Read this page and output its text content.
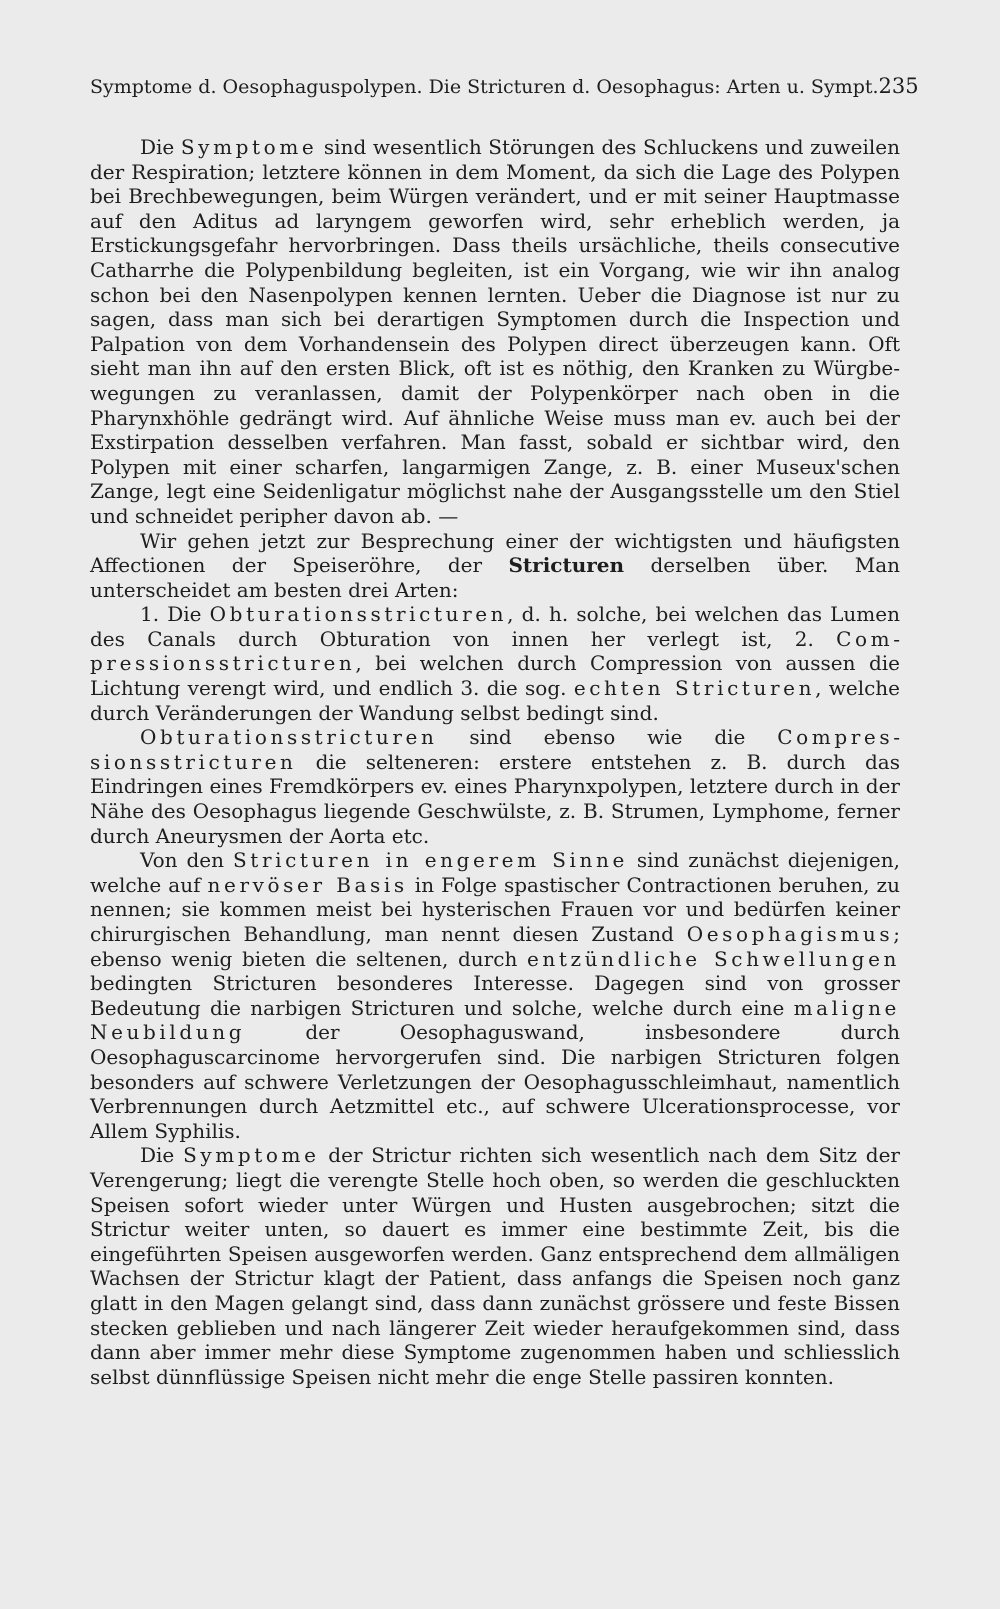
Symptome d. Oesophaguspolypen. Die Stricturen d. Oesophagus: Arten u. Sympt. 235

Die Symptome sind wesentlich Störungen des Schluckens und zuweilen der Respiration; letztere können in dem Moment, da sich die Lage des Polypen bei Brechbewegungen, beim Würgen verändert, und er mit seiner Hauptmasse auf den Aditus ad laryngem geworfen wird, sehr erheblich werden, ja Erstickungsgefahr hervorbringen. Dass theils ursächliche, theils consecutive Catharrhe die Polypenbildung begleiten, ist ein Vorgang, wie wir ihn analog schon bei den Nasenpolypen kennen lernten. Ueber die Diagnose ist nur zu sagen, dass man sich bei derartigen Symptomen durch die Inspection und Palpation von dem Vorhandensein des Polypen direct überzeugen kann. Oft sieht man ihn auf den ersten Blick, oft ist es nöthig, den Kranken zu Würgbewegungen zu veranlassen, damit der Polypenkörper nach oben in die Pharynxhöhle gedrängt wird. Auf ähnliche Weise muss man ev. auch bei der Exstirpation desselben verfahren. Man fasst, sobald er sichtbar wird, den Polypen mit einer scharfen, langarmigen Zange, z. B. einer Museux'schen Zange, legt eine Seidenligatur möglichst nahe der Ausgangsstelle um den Stiel und schneidet peripher davon ab. —

Wir gehen jetzt zur Besprechung einer der wichtigsten und häufigsten Affectionen der Speiseröhre, der Stricturen derselben über. Man unterscheidet am besten drei Arten:

1. Die Obturationsstricturen, d. h. solche, bei welchen das Lumen des Canals durch Obturation von innen her verlegt ist, 2. Compressionsstricturen, bei welchen durch Compression von aussen die Lichtung verengt wird, und endlich 3. die sog. echten Stricturen, welche durch Veränderungen der Wandung selbst bedingt sind.

Obturationsstricturen sind ebenso wie die Compressionsstricturen die selteneren: erstere entstehen z. B. durch das Eindringen eines Fremdkörpers ev. eines Pharynxpolypen, letztere durch in der Nähe des Oesophagus liegende Geschwülste, z. B. Strumen, Lymphome, ferner durch Aneurysmen der Aorta etc.

Von den Stricturen in engerem Sinne sind zunächst diejenigen, welche auf nervöser Basis in Folge spastischer Contractionen beruhen, zu nennen; sie kommen meist bei hysterischen Frauen vor und bedürfen keiner chirurgischen Behandlung, man nennt diesen Zustand Oesophagismus; ebenso wenig bieten die seltenen, durch entzündliche Schwellungen bedingten Stricturen besonderes Interesse. Dagegen sind von grosser Bedeutung die narbigen Stricturen und solche, welche durch eine maligne Neubildung der Oesophaguswand, insbesondere durch Oesophaguscarcinome hervorgerufen sind. Die narbigen Stricturen folgen besonders auf schwere Verletzungen der Oesophagusschleimhaut, namentlich Verbrennungen durch Aetzmittel etc., auf schwere Ulcerationsprocesse, vor Allem Syphilis.

Die Symptome der Strictur richten sich wesentlich nach dem Sitz der Verengerung; liegt die verengte Stelle hoch oben, so werden die geschluckten Speisen sofort wieder unter Würgen und Husten ausgebrochen; sitzt die Strictur weiter unten, so dauert es immer eine bestimmte Zeit, bis die eingeführten Speisen ausgeworfen werden. Ganz entsprechend dem allmäligen Wachsen der Strictur klagt der Patient, dass anfangs die Speisen noch ganz glatt in den Magen gelangt sind, dass dann zunächst grössere und feste Bissen stecken geblieben und nach längerer Zeit wieder heraufgekommen sind, dass dann aber immer mehr diese Symptome zugenommen haben und schliesslich selbst dünnflüssige Speisen nicht mehr die enge Stelle passiren konnten.
